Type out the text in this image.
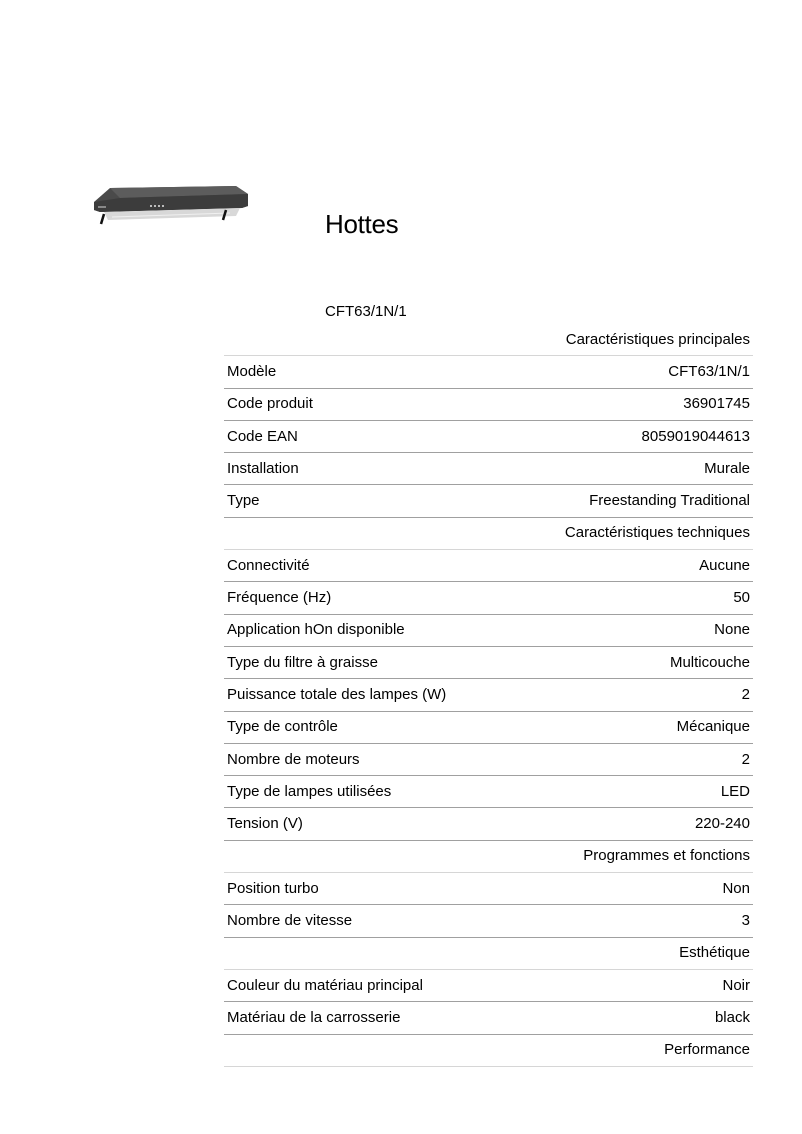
Hottes
CFT63/1N/1
	Caractéristiques principales
Modèle	CFT63/1N/1
Code produit	36901745
Code EAN	8059019044613
Installation	Murale
Type	Freestanding Traditional
	Caractéristiques techniques
Connectivité	Aucune
Fréquence (Hz)	50
Application hOn disponible	None
Type du filtre à graisse	Multicouche
Puissance totale des lampes (W)	2
Type de contrôle	Mécanique
Nombre de moteurs	2
Type de lampes utilisées	LED
Tension (V)	220-240
	Programmes et fonctions
Position turbo	Non
Nombre de vitesse	3
	Esthétique
Couleur du matériau principal	Noir
Matériau de la carrosserie	black
	Performance
